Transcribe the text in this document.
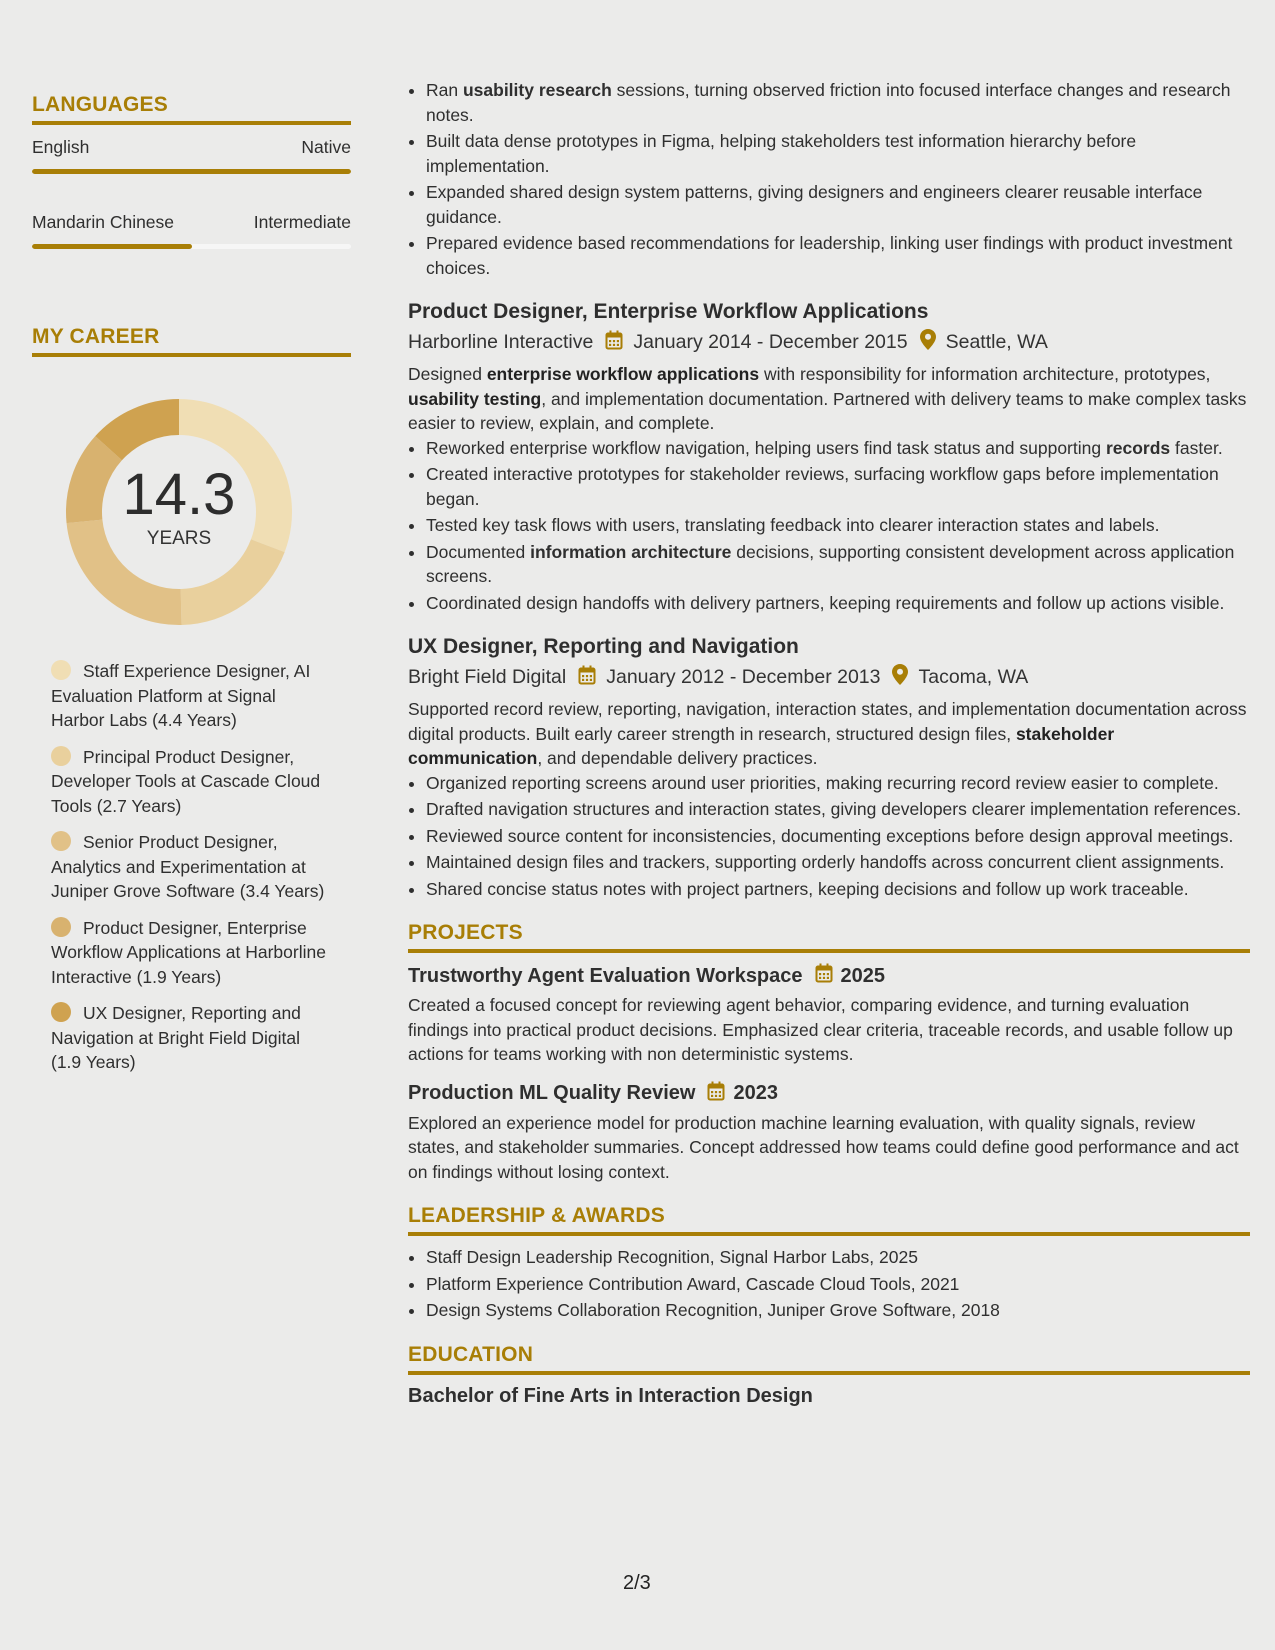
LANGUAGES
English	Native
Mandarin Chinese	Intermediate
MY CAREER
14.3
YEARS
Staff Experience Designer, AI Evaluation Platform at Signal Harbor Labs (4.4 Years)
Principal Product Designer, Developer Tools at Cascade Cloud Tools (2.7 Years)
Senior Product Designer, Analytics and Experimentation at Juniper Grove Software (3.4 Years)
Product Designer, Enterprise Workflow Applications at Harborline Interactive (1.9 Years)
UX Designer, Reporting and Navigation at Bright Field Digital (1.9 Years)
• Ran usability research sessions, turning observed friction into focused interface changes and research notes.
• Built data dense prototypes in Figma, helping stakeholders test information hierarchy before implementation.
• Expanded shared design system patterns, giving designers and engineers clearer reusable interface guidance.
• Prepared evidence based recommendations for leadership, linking user findings with product investment choices.
Product Designer, Enterprise Workflow Applications
Harborline Interactive January 2014 - December 2015 Seattle, WA
Designed enterprise workflow applications with responsibility for information architecture, prototypes, usability testing, and implementation documentation. Partnered with delivery teams to make complex tasks easier to review, explain, and complete.
• Reworked enterprise workflow navigation, helping users find task status and supporting records faster.
• Created interactive prototypes for stakeholder reviews, surfacing workflow gaps before implementation began.
• Tested key task flows with users, translating feedback into clearer interaction states and labels.
• Documented information architecture decisions, supporting consistent development across application screens.
• Coordinated design handoffs with delivery partners, keeping requirements and follow up actions visible.
UX Designer, Reporting and Navigation
Bright Field Digital January 2012 - December 2013 Tacoma, WA
Supported record review, reporting, navigation, interaction states, and implementation documentation across digital products. Built early career strength in research, structured design files, stakeholder communication, and dependable delivery practices.
• Organized reporting screens around user priorities, making recurring record review easier to complete.
• Drafted navigation structures and interaction states, giving developers clearer implementation references.
• Reviewed source content for inconsistencies, documenting exceptions before design approval meetings.
• Maintained design files and trackers, supporting orderly handoffs across concurrent client assignments.
• Shared concise status notes with project partners, keeping decisions and follow up work traceable.
PROJECTS
Trustworthy Agent Evaluation Workspace 2025
Created a focused concept for reviewing agent behavior, comparing evidence, and turning evaluation findings into practical product decisions. Emphasized clear criteria, traceable records, and usable follow up actions for teams working with non deterministic systems.
Production ML Quality Review 2023
Explored an experience model for production machine learning evaluation, with quality signals, review states, and stakeholder summaries. Concept addressed how teams could define good performance and act on findings without losing context.
LEADERSHIP & AWARDS
• Staff Design Leadership Recognition, Signal Harbor Labs, 2025
• Platform Experience Contribution Award, Cascade Cloud Tools, 2021
• Design Systems Collaboration Recognition, Juniper Grove Software, 2018
EDUCATION
Bachelor of Fine Arts in Interaction Design
2/3
